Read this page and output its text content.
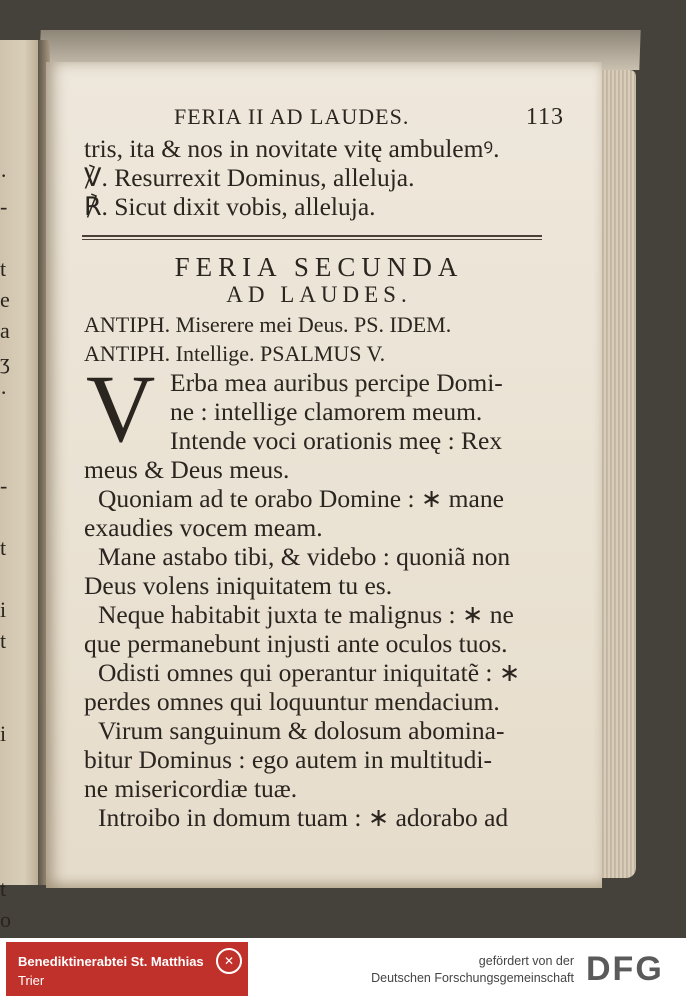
·
-

t
e
a
ʒ
·

-

t

i
t

i

t
o

FERIA II AD LAUDES.	113
tris, ita & nos in novitate vitę ambulemꝰ.
℣. Resurrexit Dominus, alleluja.
℟. Sicut dixit vobis, alleluja.
FERIA SECUNDA
AD LAUDES.
ANTIPH. Miserere mei Deus. PS. IDEM.
ANTIPH. Intellige. PSALMUS V.
V Erba mea auribus percipe Domi-
ne : intellige clamorem meum.
Intende voci orationis meę : Rex
meus & Deus meus.
Quoniam ad te orabo Domine : ∗ mane
exaudies vocem meam.
Mane astabo tibi, & videbo : quoniã non
Deus volens iniquitatem tu es.
Neque habitabit juxta te malignus : ∗ ne
que permanebunt injusti ante oculos tuos.
Odisti omnes qui operantur iniquitatẽ : ∗
perdes omnes qui loquuntur mendacium.
Virum sanguinum & dolosum abomina-
bitur Dominus : ego autem in multitudi-
ne misericordiæ tuæ.
Introibo in domum tuam : ∗ adorabo ad
Benediktinerabtei St. Matthias
Trier
✕	gefördert von der
Deutschen Forschungsgemeinschaft DFG
